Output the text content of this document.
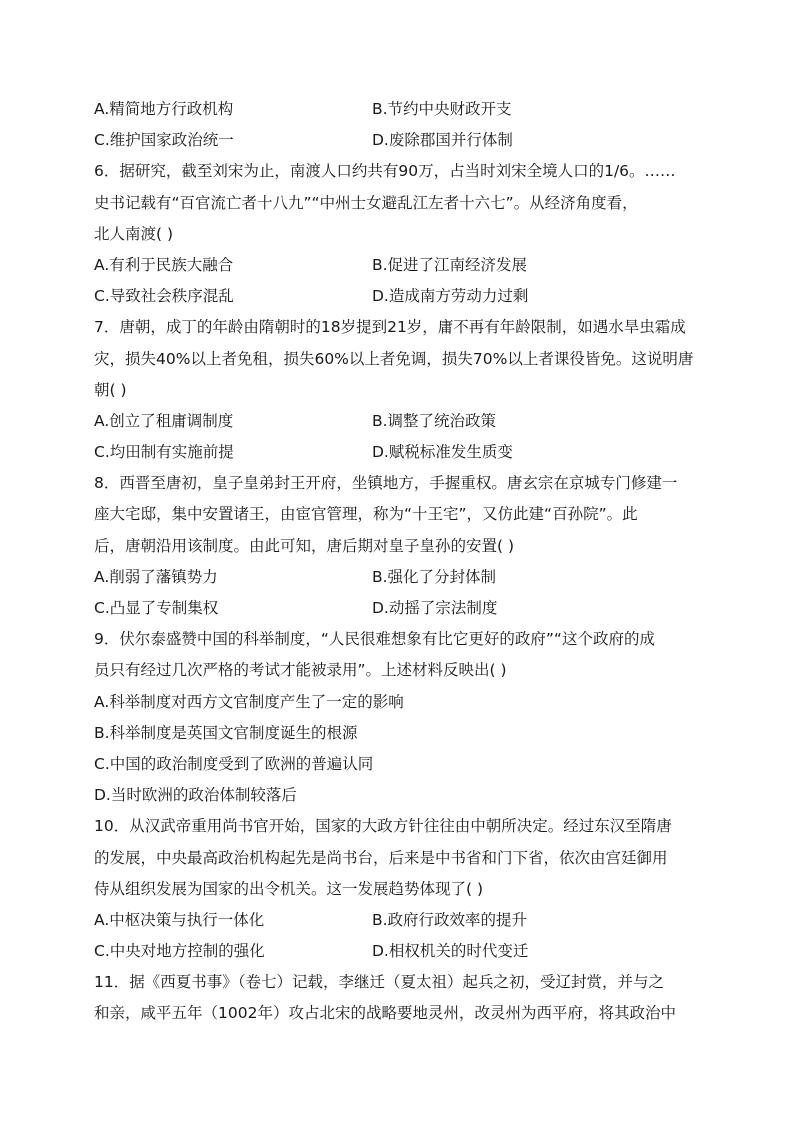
A.精简地方行政机构	B.节约中央财政开支
C.维护国家政治统一	D.废除郡国并行体制
6．据研究，截至刘宋为止，南渡人口约共有90万，占当时刘宋全境人口的1/6。……
史书记载有“百官流亡者十八九”“中州士女避乱江左者十六七”。从经济角度看，
北人南渡( )
A.有利于民族大融合	B.促进了江南经济发展
C.导致社会秩序混乱	D.造成南方劳动力过剩
7．唐朝，成丁的年龄由隋朝时的18岁提到21岁，庸不再有年龄限制，如遇水旱虫霜成
灾，损失40%以上者免租，损失60%以上者免调，损失70%以上者课役皆免。这说明唐
朝( )
A.创立了租庸调制度	B.调整了统治政策
C.均田制有实施前提	D.赋税标准发生质变
8．西晋至唐初，皇子皇弟封王开府，坐镇地方，手握重权。唐玄宗在京城专门修建一
座大宅邸，集中安置诸王，由宦官管理，称为“十王宅”，又仿此建“百孙院”。此
后，唐朝沿用该制度。由此可知，唐后期对皇子皇孙的安置( )
A.削弱了藩镇势力	B.强化了分封体制
C.凸显了专制集权	D.动摇了宗法制度
9．伏尔泰盛赞中国的科举制度，“人民很难想象有比它更好的政府”“这个政府的成
员只有经过几次严格的考试才能被录用”。上述材料反映出( )
A.科举制度对西方文官制度产生了一定的影响
B.科举制度是英国文官制度诞生的根源
C.中国的政治制度受到了欧洲的普遍认同
D.当时欧洲的政治体制较落后
10．从汉武帝重用尚书官开始，国家的大政方针往往由中朝所决定。经过东汉至隋唐
的发展，中央最高政治机构起先是尚书台，后来是中书省和门下省，依次由宫廷御用
侍从组织发展为国家的出令机关。这一发展趋势体现了( )
A.中枢决策与执行一体化	B.政府行政效率的提升
C.中央对地方控制的强化	D.相权机关的时代变迁
11．据《西夏书事》（卷七）记载，李继迁（夏太祖）起兵之初，受辽封赏，并与之
和亲，咸平五年（1002年）攻占北宋的战略要地灵州，改灵州为西平府，将其政治中
